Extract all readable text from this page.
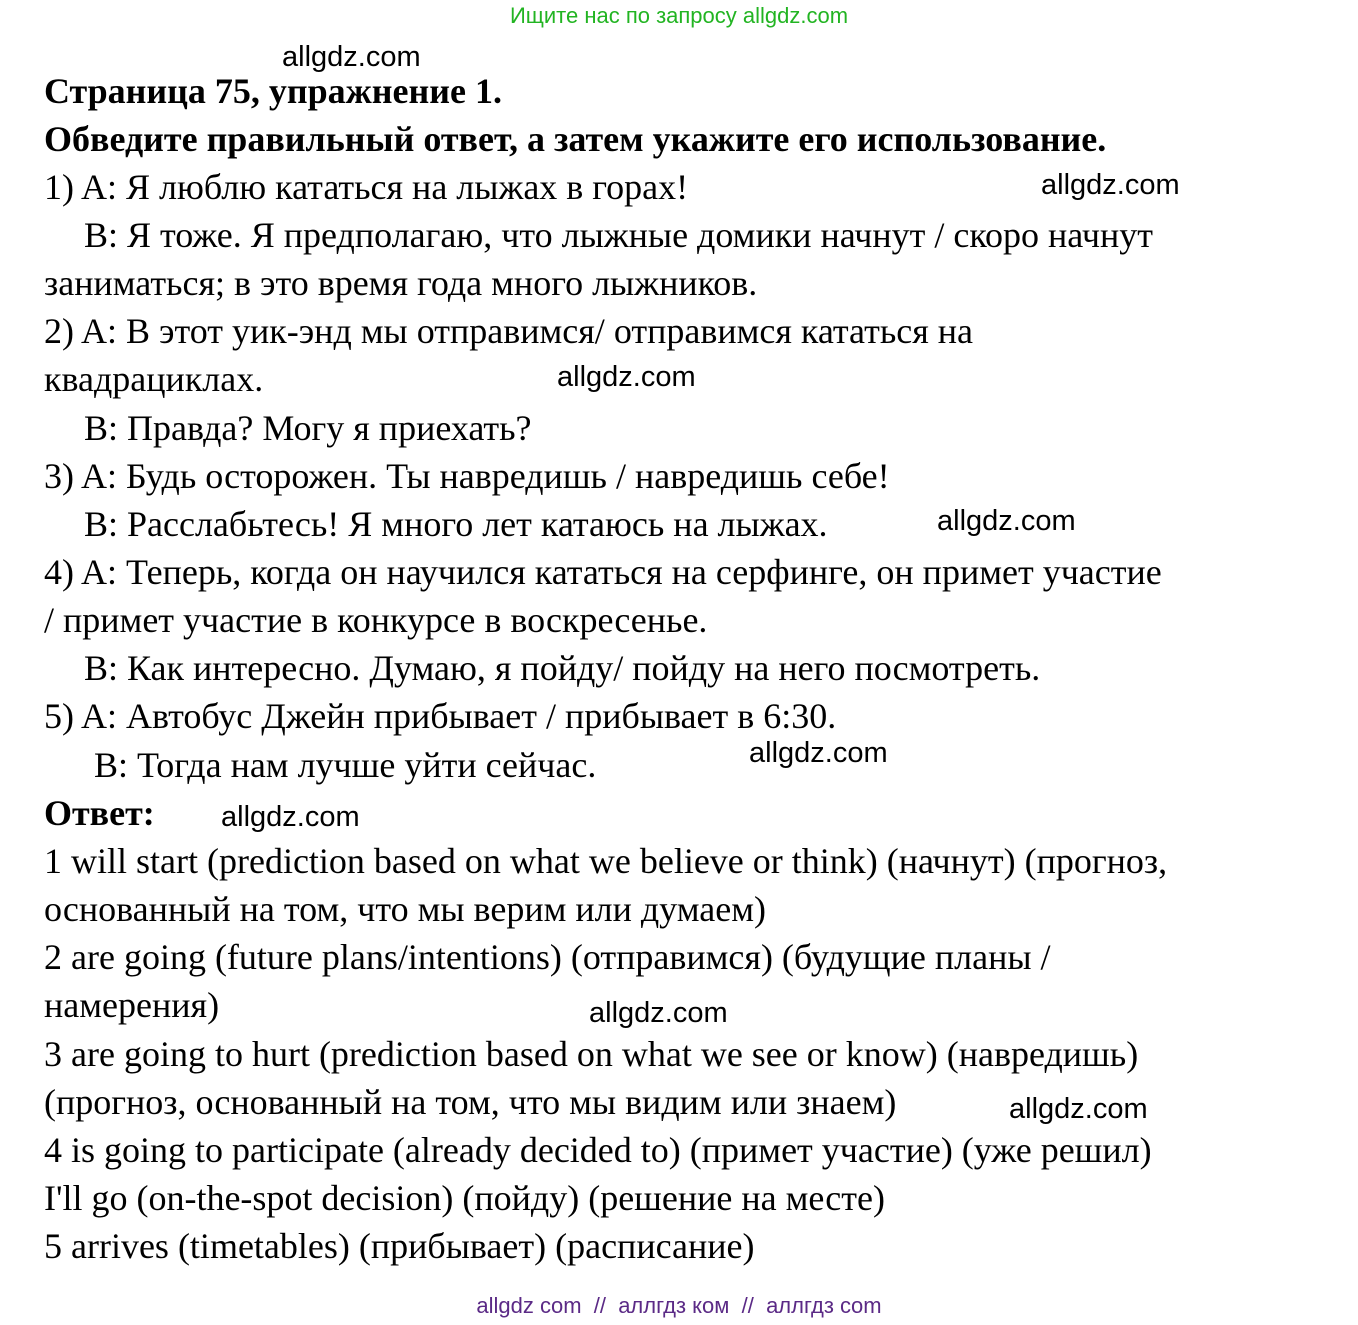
Ищите нас по запросу allgdz.com
allgdz.com
Страница 75, упражнение 1.
Обведите правильный ответ, а затем укажите его использование.
1) A: Я люблю кататься на лыжах в горах!	allgdz.com
B: Я тоже. Я предполагаю, что лыжные домики начнут / скоро начнут
заниматься; в это время года много лыжников.
2) A: В этот уик-энд мы отправимся/ отправимся кататься на
квадрациклах.	allgdz.com
B: Правда? Могу я приехать?
3) A: Будь осторожен. Ты навредишь / навредишь себе!
B: Расслабьтесь! Я много лет катаюсь на лыжах.	allgdz.com
4) A: Теперь, когда он научился кататься на серфинге, он примет участие
/ примет участие в конкурсе в воскресенье.
B: Как интересно. Думаю, я пойду/ пойду на него посмотреть.
5) A: Автобус Джейн прибывает / прибывает в 6:30.
allgdz.com
B: Тогда нам лучше уйти сейчас.
Ответ: allgdz.com
1 will start (prediction based on what we believe or think) (начнут) (прогноз,
основанный на том, что мы верим или думаем)
2 are going (future plans/intentions) (отправимся) (будущие планы /
намерения)	allgdz.com
3 are going to hurt (prediction based on what we see or know) (навредишь)
(прогноз, основанный на том, что мы видим или знаем)	allgdz.com
4 is going to participate (already decided to) (примет участие) (уже решил)
I'll go (on-the-spot decision) (пойду) (решение на месте)
5 arrives (timetables) (прибывает) (расписание)
allgdz com  //  аллгдз ком  //  аллгдз com
